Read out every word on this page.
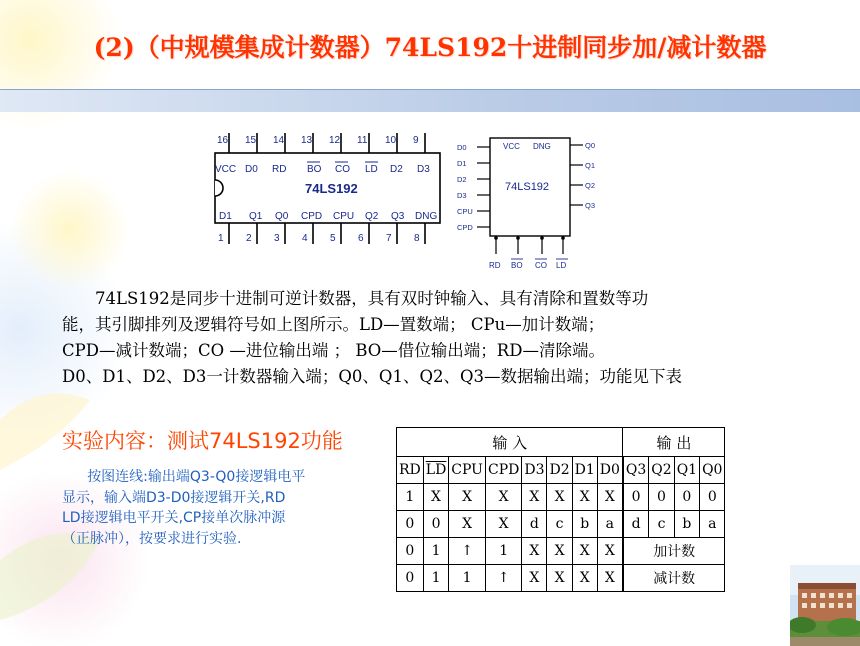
(2)（中规模集成计数器）74LS192十进制同步加/减计数器
16 15 14 13 12 11 10 9
1 2 3 4 5 6 7 8
VCC D0 RD BO CO LD D2 D3
74LS192
D1 Q1 Q0 CPD CPU Q2 Q3 DNG
VCC DNG
74LS192
D0
D1
D2
D3
CPU
CPD
Q0
Q1
Q2
Q3
RD BO CO LD
74LS192是同步十进制可逆计数器，具有双时钟输入、具有清除和置数等功
能，其引脚排列及逻辑符号如上图所示。LD—置数端； CPu—加计数端；
CPD—减计数端；CO —进位输出端 ； BO—借位输出端；RD—清除端。
D0、D1、D2、D3一计数器输入端；Q0、Q1、Q2、Q3—数据输出端；功能见下表
实验内容：测试74LS192功能
按图连线:输出端Q3-Q0接逻辑电平
显示，输入端D3-D0接逻辑开关,RD
LD接逻辑电平开关,CP接单次脉冲源
（正脉冲），按要求进行实验.
输 入								输 出			
RD	$\overline{LD}$	CPU	CPD	D3	D2	D1	D0	Q3	Q2	Q1	Q0
1	X	X	X	X	X	X	X	0	0	0	0
0	0	X	X	d	c	b	a	d	c	b	a
0	1	↑	1	X	X	X	X	加计数			
0	1	1	↑	X	X	X	X	减计数			
